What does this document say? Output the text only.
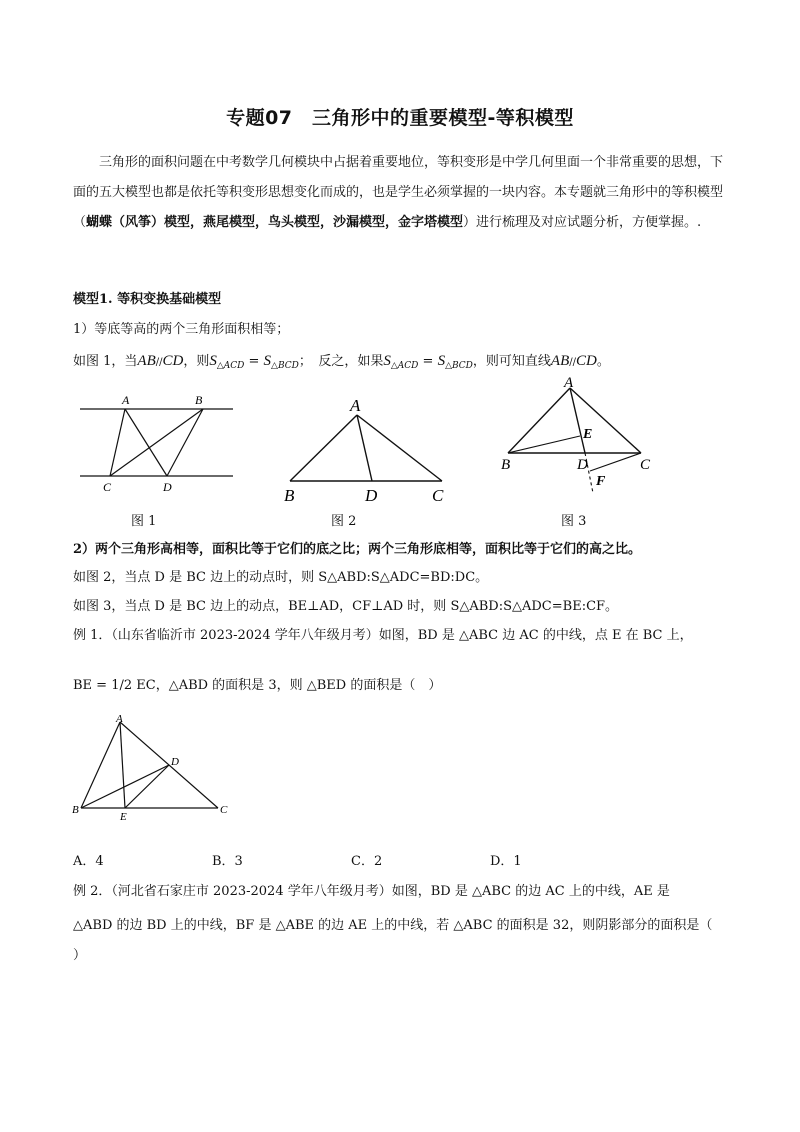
专题07　三角形中的重要模型-等积模型
三角形的面积问题在中考数学几何模块中占据着重要地位，等积变形是中学几何里面一个非常重要的思想，下面的五大模型也都是依托等积变形思想变化而成的，也是学生必须掌握的一块内容。本专题就三角形中的等积模型（蝴蝶（风筝）模型，燕尾模型，鸟头模型，沙漏模型，金字塔模型）进行梳理及对应试题分析，方便掌握。.
模型1. 等积变换基础模型
1）等底等高的两个三角形面积相等；
如图 1，当AB//CD，则$S_{\triangle ACD} = S_{\triangle BCD}$；　反之，如果$S_{\triangle ACD} = S_{\triangle BCD}$，则可知直线AB//CD。
A	B
C	D
图 1
A
B	D	C
图 2
A
E
B	D	C
F
图 3
2）两个三角形高相等，面积比等于它们的底之比；两个三角形底相等，面积比等于它们的高之比。
如图 2，当点 D 是 BC 边上的动点时，则 S△ABD:S△ADC=BD:DC。
如图 3，当点 D 是 BC 边上的动点，BE⊥AD，CF⊥AD 时，则 S△ABD:S△ADC=BE:CF。
例 1．（山东省临沂市 2023-2024 学年八年级月考）如图，BD 是 △ABC 边 AC 的中线，点 E 在 BC 上，
BE = 1/2 EC，△ABD 的面积是 3，则 △BED 的面积是（　）
A
D
B
E
C
A．4	B．3	C．2	D．1
例 2．（河北省石家庄市 2023-2024 学年八年级月考）如图，BD 是 △ABC 的边 AC 上的中线，AE 是
△ABD 的边 BD 上的中线，BF 是 △ABE 的边 AE 上的中线，若 △ABC 的面积是 32，则阴影部分的面积是（
）
